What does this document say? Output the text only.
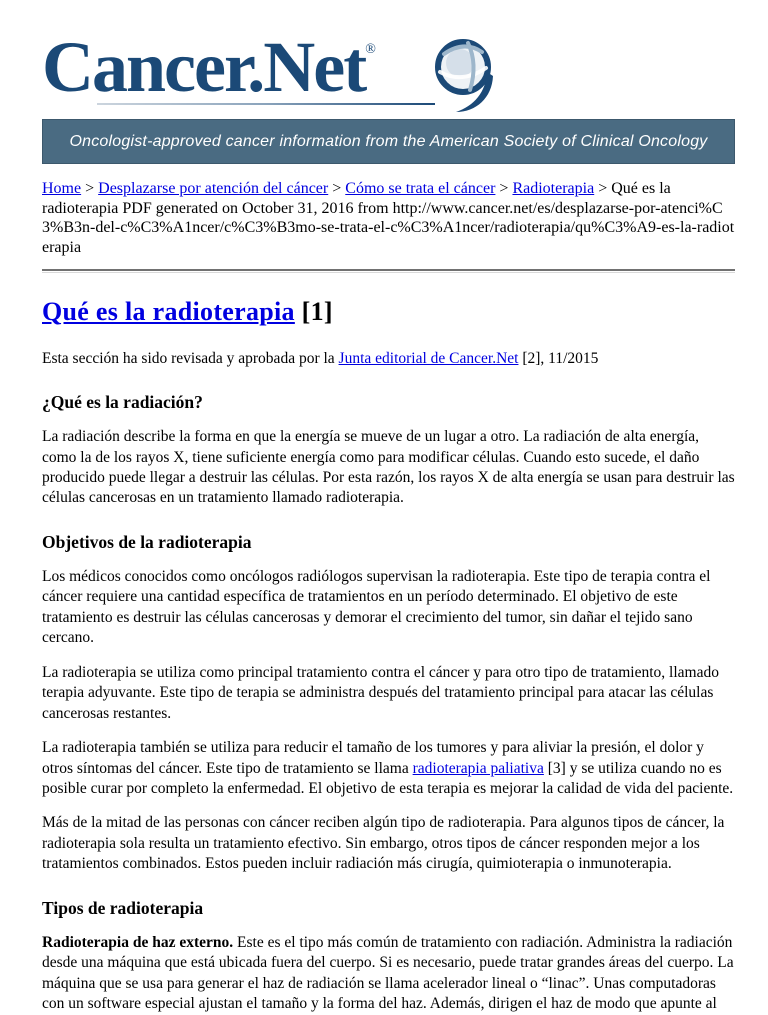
Cancer.Net®
Oncologist-approved cancer information from the American Society of Clinical Oncology
Home > Desplazarse por atención del cáncer > Cómo se trata el cáncer > Radioterapia > Qué es la radioterapia PDF generated on October 31, 2016 from http://www.cancer.net/es/desplazarse-por-atenci%C3%B3n-del-c%C3%A1ncer/c%C3%B3mo-se-trata-el-c%C3%A1ncer/radioterapia/qu%C3%A9-es-la-radioterapia
Qué es la radioterapia [1]

Esta sección ha sido revisada y aprobada por la Junta editorial de Cancer.Net [2], 11/2015

¿Qué es la radiación?

La radiación describe la forma en que la energía se mueve de un lugar a otro. La radiación de alta energía, como la de los rayos X, tiene suficiente energía como para modificar células. Cuando esto sucede, el daño producido puede llegar a destruir las células. Por esta razón, los rayos X de alta energía se usan para destruir las células cancerosas en un tratamiento llamado radioterapia.

Objetivos de la radioterapia

Los médicos conocidos como oncólogos radiólogos supervisan la radioterapia. Este tipo de terapia contra el cáncer requiere una cantidad específica de tratamientos en un período determinado. El objetivo de este tratamiento es destruir las células cancerosas y demorar el crecimiento del tumor, sin dañar el tejido sano cercano.

La radioterapia se utiliza como principal tratamiento contra el cáncer y para otro tipo de tratamiento, llamado terapia adyuvante. Este tipo de terapia se administra después del tratamiento principal para atacar las células cancerosas restantes.

La radioterapia también se utiliza para reducir el tamaño de los tumores y para aliviar la presión, el dolor y otros síntomas del cáncer. Este tipo de tratamiento se llama radioterapia paliativa [3] y se utiliza cuando no es posible curar por completo la enfermedad. El objetivo de esta terapia es mejorar la calidad de vida del paciente.

Más de la mitad de las personas con cáncer reciben algún tipo de radioterapia. Para algunos tipos de cáncer, la radioterapia sola resulta un tratamiento efectivo. Sin embargo, otros tipos de cáncer responden mejor a los tratamientos combinados. Estos pueden incluir radiación más cirugía, quimioterapia o inmunoterapia.

Tipos de radioterapia

Radioterapia de haz externo. Este es el tipo más común de tratamiento con radiación. Administra la radiación desde una máquina que está ubicada fuera del cuerpo. Si es necesario, puede tratar grandes áreas del cuerpo. La máquina que se usa para generar el haz de radiación se llama acelerador lineal o “linac”. Unas computadoras con un software especial ajustan el tamaño y la forma del haz. Además, dirigen el haz de modo que apunte al
